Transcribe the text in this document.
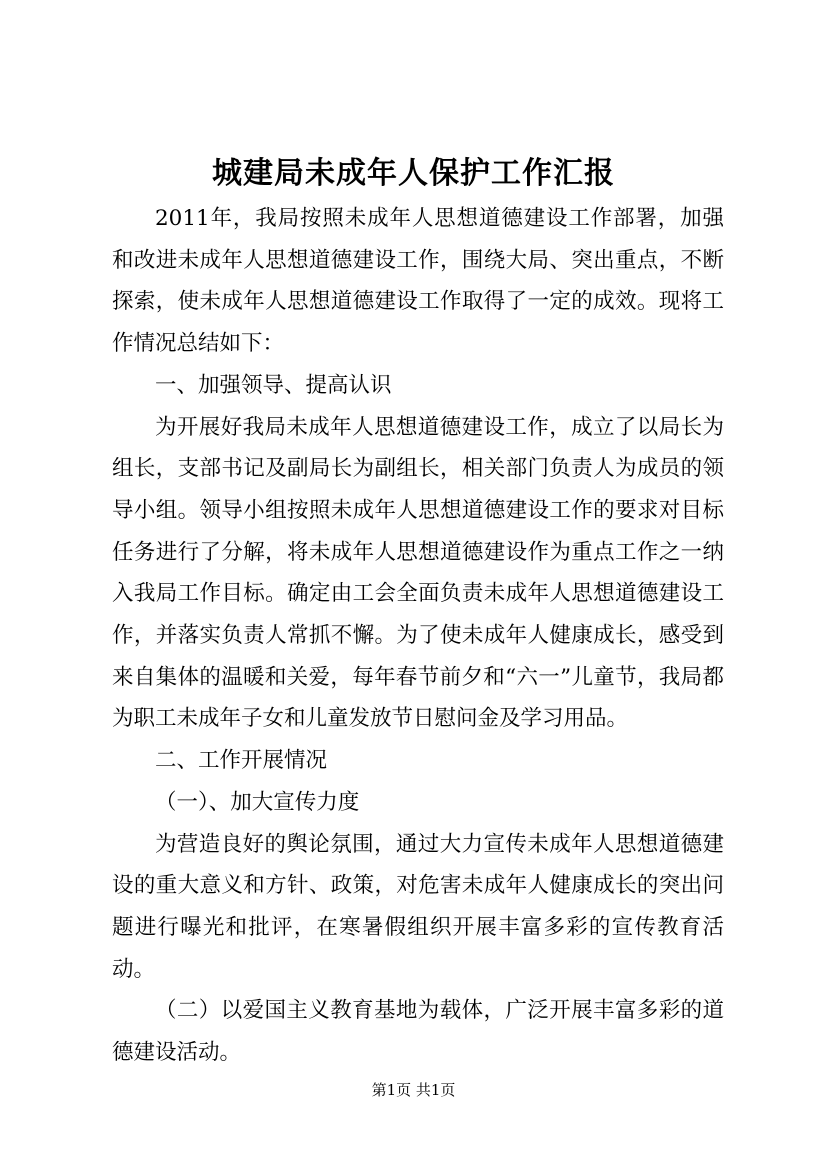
城建局未成年人保护工作汇报

2011年，我局按照未成年人思想道德建设工作部署，加强和改进未成年人思想道德建设工作，围绕大局、突出重点，不断探索，使未成年人思想道德建设工作取得了一定的成效。现将工作情况总结如下：

一、加强领导、提高认识

为开展好我局未成年人思想道德建设工作，成立了以局长为组长，支部书记及副局长为副组长，相关部门负责人为成员的领导小组。领导小组按照未成年人思想道德建设工作的要求对目标任务进行了分解，将未成年人思想道德建设作为重点工作之一纳入我局工作目标。确定由工会全面负责未成年人思想道德建设工作，并落实负责人常抓不懈。为了使未成年人健康成长，感受到来自集体的温暖和关爱，每年春节前夕和“六一”儿童节，我局都为职工未成年子女和儿童发放节日慰问金及学习用品。

二、工作开展情况

（一）、加大宣传力度

为营造良好的舆论氛围，通过大力宣传未成年人思想道德建设的重大意义和方针、政策，对危害未成年人健康成长的突出问题进行曝光和批评，在寒暑假组织开展丰富多彩的宣传教育活动。

（二）以爱国主义教育基地为载体，广泛开展丰富多彩的道德建设活动。

第1页 共1页
